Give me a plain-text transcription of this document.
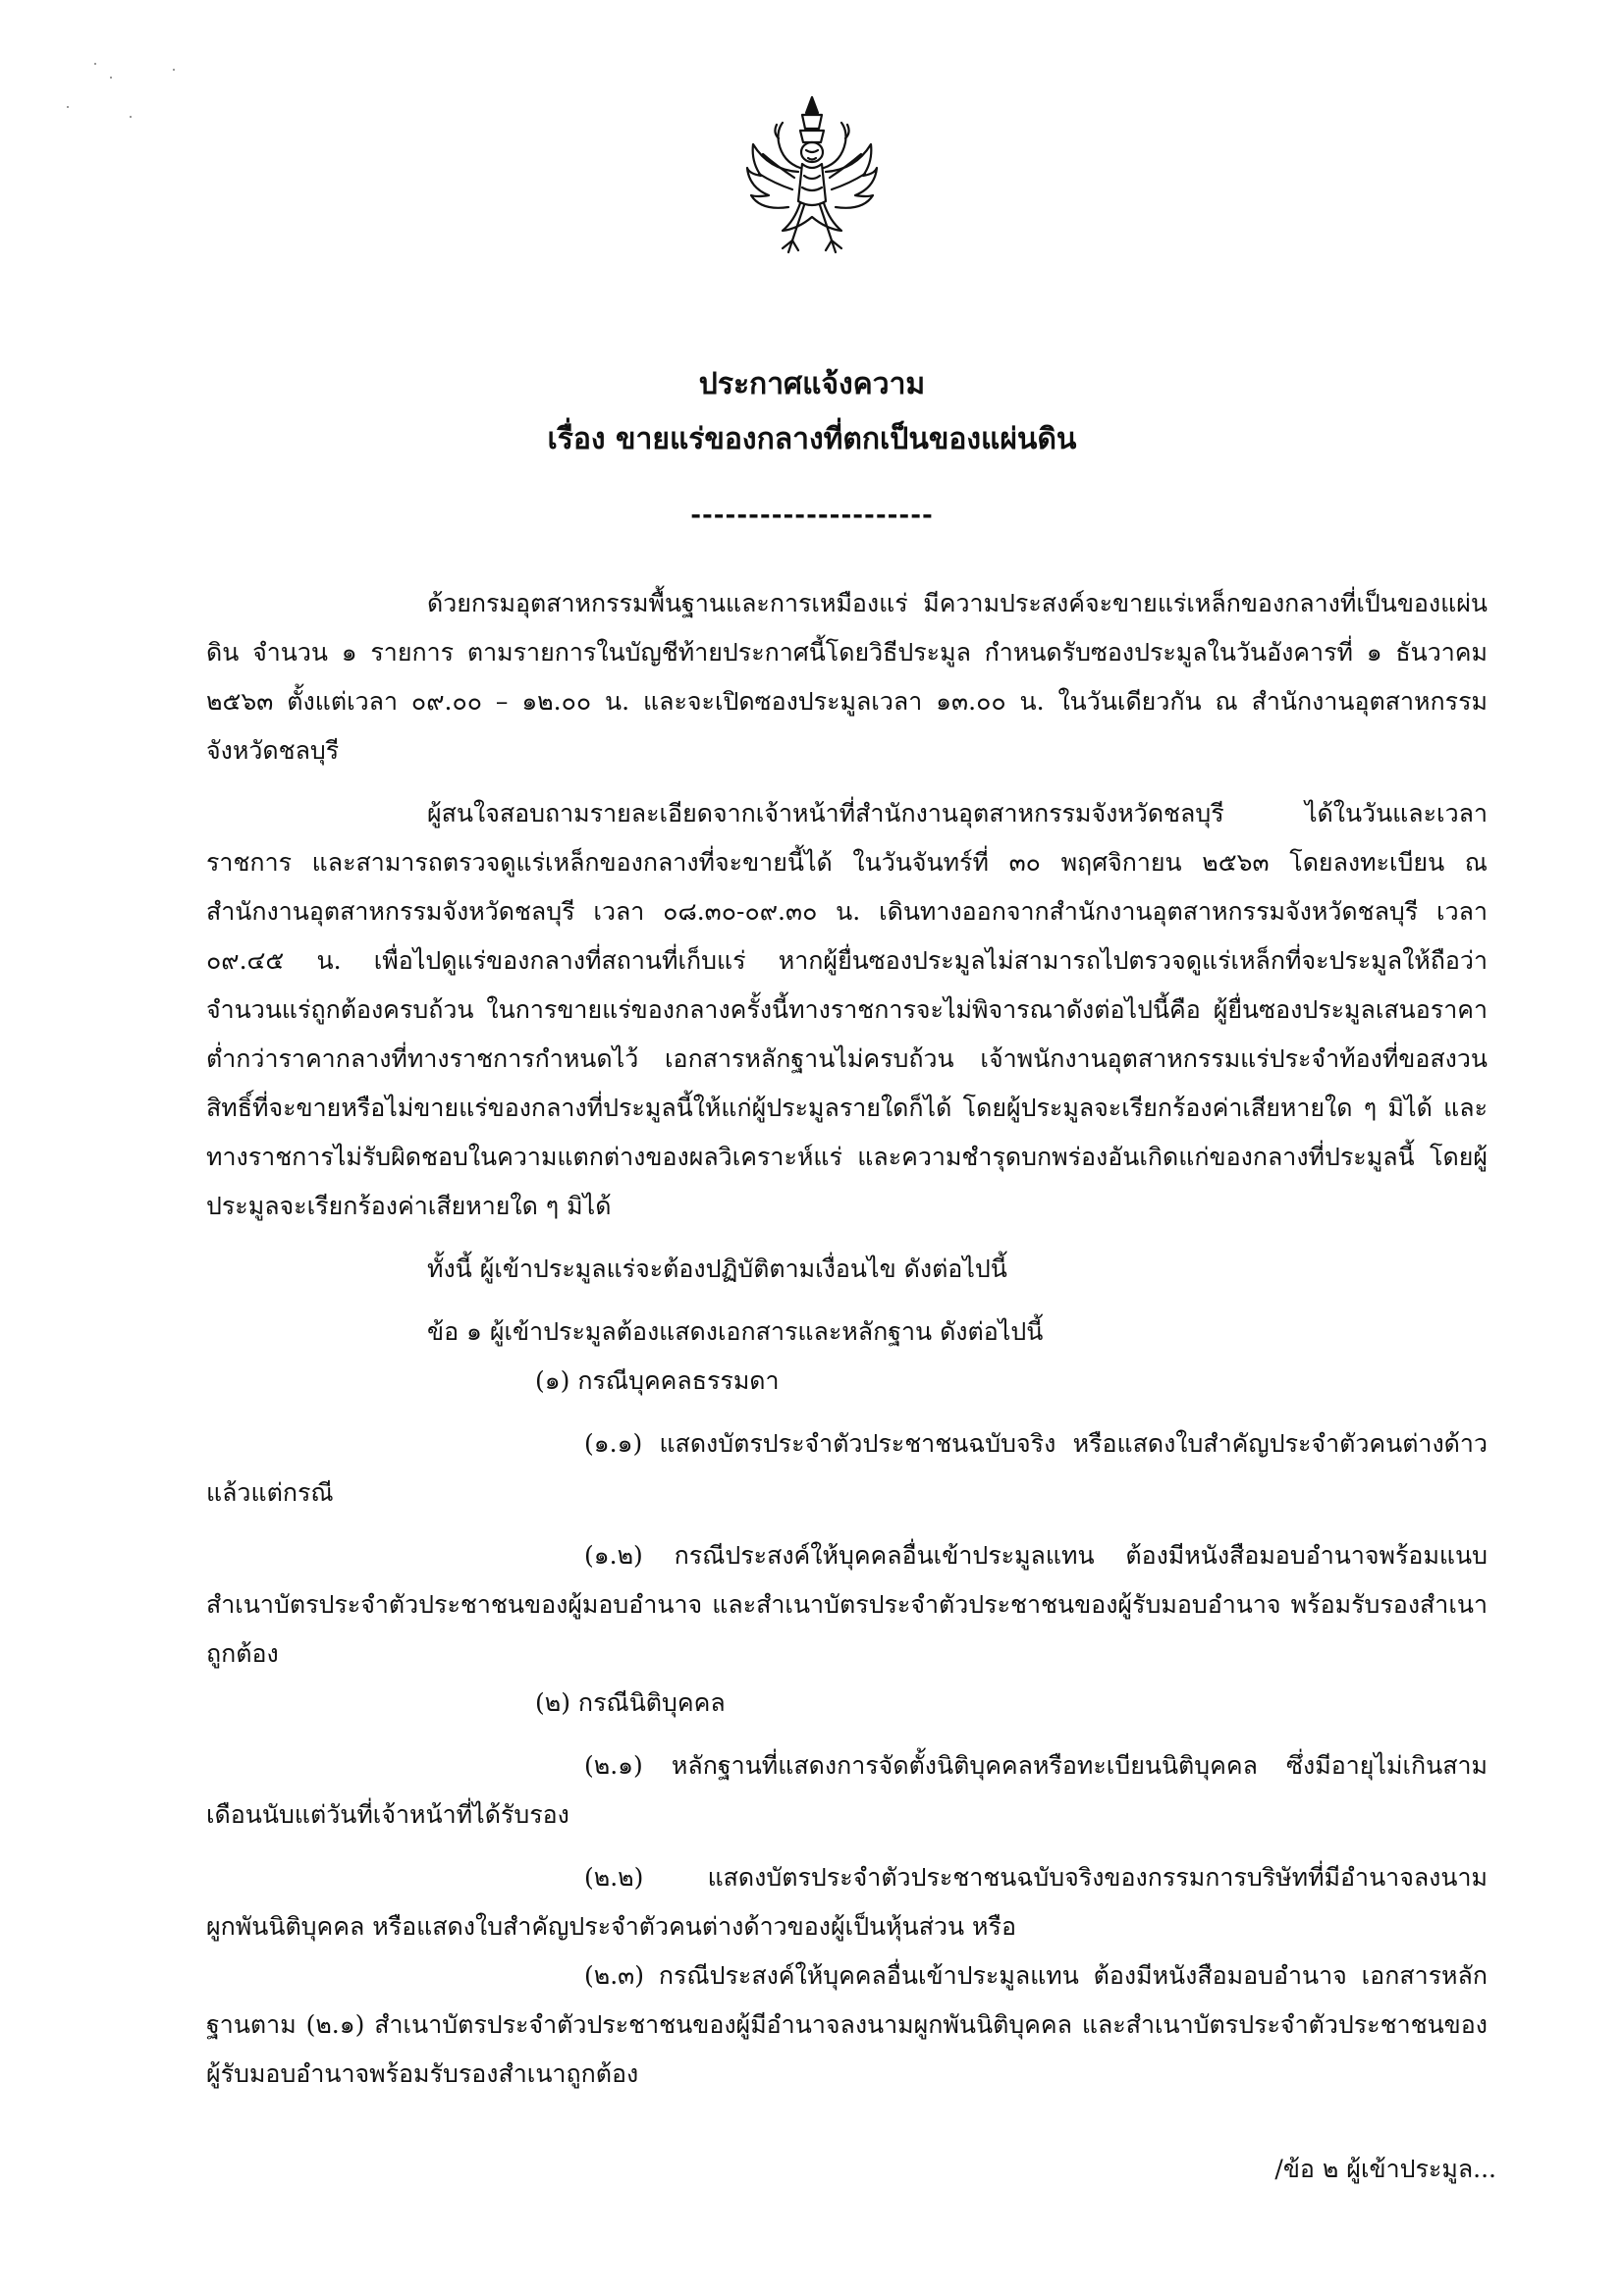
ประกาศแจ้งความ
เรื่อง ขายแร่ของกลางที่ตกเป็นของแผ่นดิน
---------------------

ด้วยกรมอุตสาหกรรมพื้นฐานและการเหมืองแร่ มีความประสงค์จะขายแร่เหล็กของกลางที่เป็นของแผ่นดิน จำนวน ๑ รายการ ตามรายการในบัญชีท้ายประกาศนี้โดยวิธีประมูล กำหนดรับซองประมูลในวันอังคารที่ ๑ ธันวาคม ๒๕๖๓ ตั้งแต่เวลา ๐๙.๐๐ – ๑๒.๐๐ น. และจะเปิดซองประมูลเวลา ๑๓.๐๐ น. ในวันเดียวกัน ณ สำนักงานอุตสาหกรรมจังหวัดชลบุรี

ผู้สนใจสอบถามรายละเอียดจากเจ้าหน้าที่สำนักงานอุตสาหกรรมจังหวัดชลบุรี ได้ในวันและเวลาราชการ และสามารถตรวจดูแร่เหล็กของกลางที่จะขายนี้ได้ ในวันจันทร์ที่ ๓๐ พฤศจิกายน ๒๕๖๓ โดยลงทะเบียน ณ สำนักงานอุตสาหกรรมจังหวัดชลบุรี เวลา ๐๘.๓๐-๐๙.๓๐ น. เดินทางออกจากสำนักงานอุตสาหกรรมจังหวัดชลบุรี เวลา ๐๙.๔๕ น. เพื่อไปดูแร่ของกลางที่สถานที่เก็บแร่ หากผู้ยื่นซองประมูลไม่สามารถไปตรวจดูแร่เหล็กที่จะประมูลให้ถือว่าจำนวนแร่ถูกต้องครบถ้วน ในการขายแร่ของกลางครั้งนี้ทางราชการจะไม่พิจารณาดังต่อไปนี้คือ ผู้ยื่นซองประมูลเสนอราคาต่ำกว่าราคากลางที่ทางราชการกำหนดไว้ เอกสารหลักฐานไม่ครบถ้วน เจ้าพนักงานอุตสาหกรรมแร่ประจำท้องที่ขอสงวนสิทธิ์ที่จะขายหรือไม่ขายแร่ของกลางที่ประมูลนี้ให้แก่ผู้ประมูลรายใดก็ได้ โดยผู้ประมูลจะเรียกร้องค่าเสียหายใด ๆ มิได้ และทางราชการไม่รับผิดชอบในความแตกต่างของผลวิเคราะห์แร่ และความชำรุดบกพร่องอันเกิดแก่ของกลางที่ประมูลนี้ โดยผู้ประมูลจะเรียกร้องค่าเสียหายใด ๆ มิได้

ทั้งนี้ ผู้เข้าประมูลแร่จะต้องปฏิบัติตามเงื่อนไข ดังต่อไปนี้

ข้อ ๑ ผู้เข้าประมูลต้องแสดงเอกสารและหลักฐาน ดังต่อไปนี้

(๑) กรณีบุคคลธรรมดา

(๑.๑) แสดงบัตรประจำตัวประชาชนฉบับจริง หรือแสดงใบสำคัญประจำตัวคนต่างด้าว แล้วแต่กรณี

(๑.๒) กรณีประสงค์ให้บุคคลอื่นเข้าประมูลแทน ต้องมีหนังสือมอบอำนาจพร้อมแนบสำเนาบัตรประจำตัวประชาชนของผู้มอบอำนาจ และสำเนาบัตรประจำตัวประชาชนของผู้รับมอบอำนาจ พร้อมรับรองสำเนาถูกต้อง

(๒) กรณีนิติบุคคล

(๒.๑) หลักฐานที่แสดงการจัดตั้งนิติบุคคลหรือทะเบียนนิติบุคคล ซึ่งมีอายุไม่เกินสามเดือนนับแต่วันที่เจ้าหน้าที่ได้รับรอง

(๒.๒) แสดงบัตรประจำตัวประชาชนฉบับจริงของกรรมการบริษัทที่มีอำนาจลงนามผูกพันนิติบุคคล หรือแสดงใบสำคัญประจำตัวคนต่างด้าวของผู้เป็นหุ้นส่วน หรือ

(๒.๓) กรณีประสงค์ให้บุคคลอื่นเข้าประมูลแทน ต้องมีหนังสือมอบอำนาจ เอกสารหลักฐานตาม (๒.๑) สำเนาบัตรประจำตัวประชาชนของผู้มีอำนาจลงนามผูกพันนิติบุคคล และสำเนาบัตรประจำตัวประชาชนของผู้รับมอบอำนาจพร้อมรับรองสำเนาถูกต้อง

/ข้อ ๒ ผู้เข้าประมูล...
